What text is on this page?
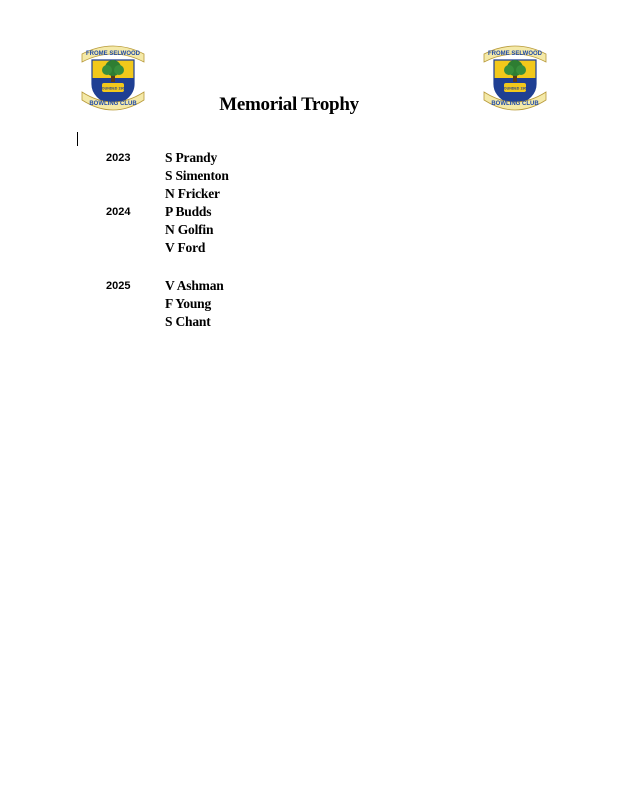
FROME SELWOOD
FOUNDED 1907
BOWLING CLUB
FROME SELWOOD
FOUNDED 1907
BOWLING CLUB
Memorial Trophy
2023	S Prandy
S Simenton
N Fricker
2024	P Budds
N Golfin
V Ford
2025	V Ashman
F Young
S Chant
